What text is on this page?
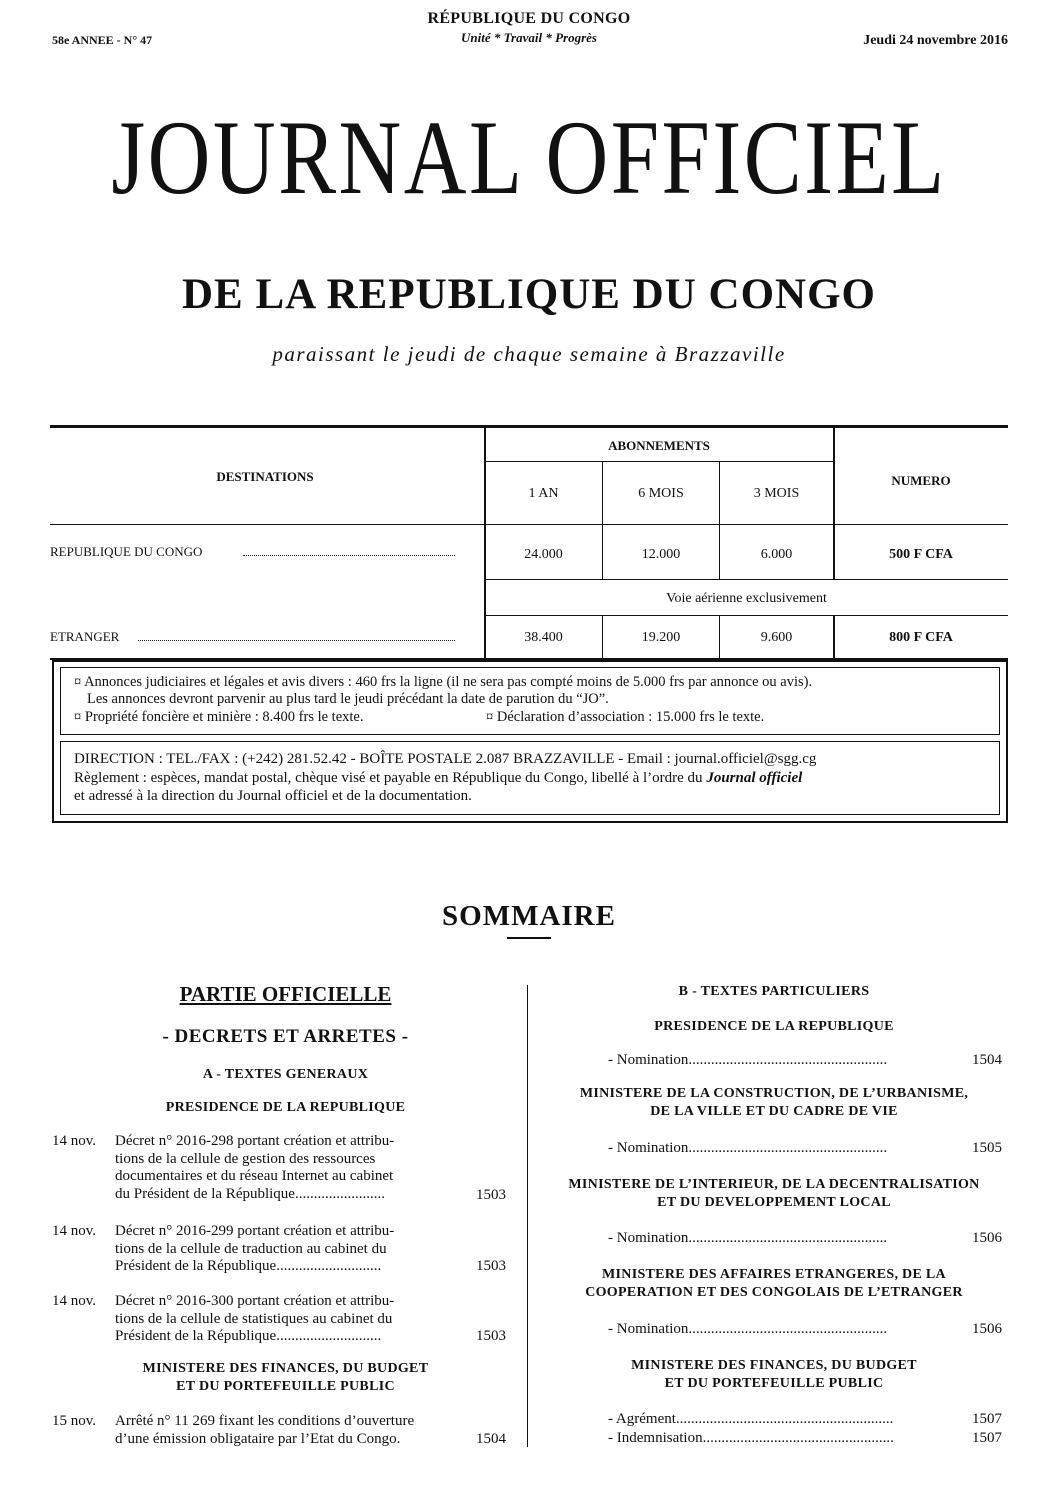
58e ANNEE - N° 47
RÉPUBLIQUE DU CONGO
Unité * Travail * Progrès	Jeudi 24 novembre 2016
JOURNAL OFFICIEL
DE LA REPUBLIQUE DU CONGO
paraissant le jeudi de chaque semaine à Brazzaville
DESTINATIONS
ABONNEMENTS
NUMERO
1 AN	6 MOIS	3 MOIS
REPUBLIQUE DU CONGO	24.000	12.000	6.000	500 F CFA
Voie aérienne exclusivement
ETRANGER	38.400	19.200	9.600	800 F CFA
¤ Annonces judiciaires et légales et avis divers : 460 frs la ligne (il ne sera pas compté moins de 5.000 frs par annonce ou avis).
Les annonces devront parvenir au plus tard le jeudi précédant la date de parution du “JO”.
¤ Propriété foncière et minière : 8.400 frs le texte.	¤ Déclaration d’association : 15.000 frs le texte.
DIRECTION : TEL./FAX : (+242) 281.52.42 - BOÎTE POSTALE 2.087 BRAZZAVILLE - Email : journal.officiel@sgg.cg
Règlement : espèces, mandat postal, chèque visé et payable en République du Congo, libellé à l’ordre du Journal officiel
et adressé à la direction du Journal officiel et de la documentation.
SOMMAIRE
PARTIE OFFICIELLE
- DECRETS ET ARRETES -
A - TEXTES GENERAUX
PRESIDENCE DE LA REPUBLIQUE
14 nov. Décret n° 2016-298 portant création et attribu-
tions de la cellule de gestion des ressources
documentaires et du réseau Internet au cabinet
du Président de la République........................	1503
14 nov. Décret n° 2016-299 portant création et attribu-
tions de la cellule de traduction au cabinet du
Président de la République............................	1503
14 nov. Décret n° 2016-300 portant création et attribu-
tions de la cellule de statistiques au cabinet du
Président de la République............................	1503
MINISTERE DES FINANCES, DU BUDGET
ET DU PORTEFEUILLE PUBLIC
15 nov. Arrêté n° 11 269 fixant les conditions d’ouverture
d’une émission obligataire par l’Etat du Congo.	1504
B - TEXTES PARTICULIERS
PRESIDENCE DE LA REPUBLIQUE
- Nomination.....................................................	1504
MINISTERE DE LA CONSTRUCTION, DE L’URBANISME,
DE LA VILLE ET DU CADRE DE VIE
- Nomination.....................................................	1505
MINISTERE DE L’INTERIEUR, DE LA DECENTRALISATION
ET DU DEVELOPPEMENT LOCAL
- Nomination.....................................................	1506
MINISTERE DES AFFAIRES ETRANGERES, DE LA
COOPERATION ET DES CONGOLAIS DE L’ETRANGER
- Nomination.....................................................	1506
MINISTERE DES FINANCES, DU BUDGET
ET DU PORTEFEUILLE PUBLIC
- Agrément..........................................................	1507
- Indemnisation...................................................	1507
